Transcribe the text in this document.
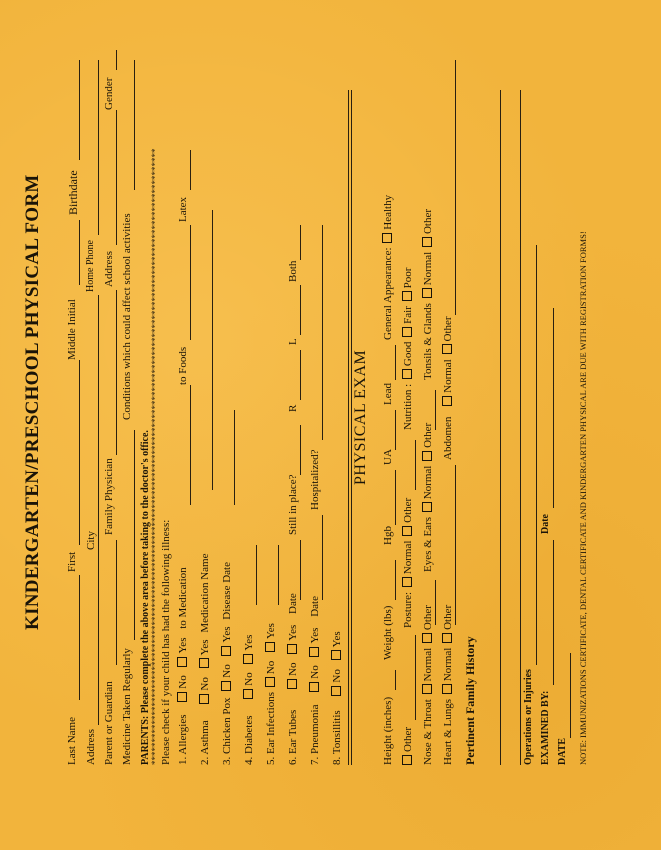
KINDERGARTEN/PRESCHOOL PHYSICAL FORM
Last Name
First
Middle Initial
Birthdate
Address
City
Home Phone
Parent or Guardian
Family Physician
Address
Gender
Medicine Taken Regularly
Conditions which could affect school activities
PARENTS: Please complete the above area before taking to the doctor's office. ***************************************************************************************************************************************** Please check if your child has had the following illness: 1. Allergies No Yes to Medication
to Foods
Latex
2. Asthma No Yes Medication Name
3. Chicken Pox No Yes Disease Date
4. Diabetes No Yes
5. Ear Infections No Yes
6. Ear Tubes No Yes Date
Still in place?
R
L
Both
7. Pneumonia No Yes Date
Hospitalized?
8. Tonsillitis No Yes
PHYSICAL EXAM
Height (inches)
Weight (lbs)
Hgb
UA
Lead
General Appearance: Healthy
Other
Posture: Normal Other
Nutrition : Good Fair Poor
Nose & Throat Normal Other
Eyes & Ears Normal Other
Tonsils & Glands Normal Other
Heart & Lungs Normal Other
Abdomen Normal Other
Pertinent Family History	Operations or Injuries EXAMINED BY:
Date
DATE NOTE: IMMUNIZATIONS CERTIFICATE, DENTAL CERTIFICATE AND KINDERGARTEN PHYSICAL ARE DUE WITH REGISTRATION FORMS!
